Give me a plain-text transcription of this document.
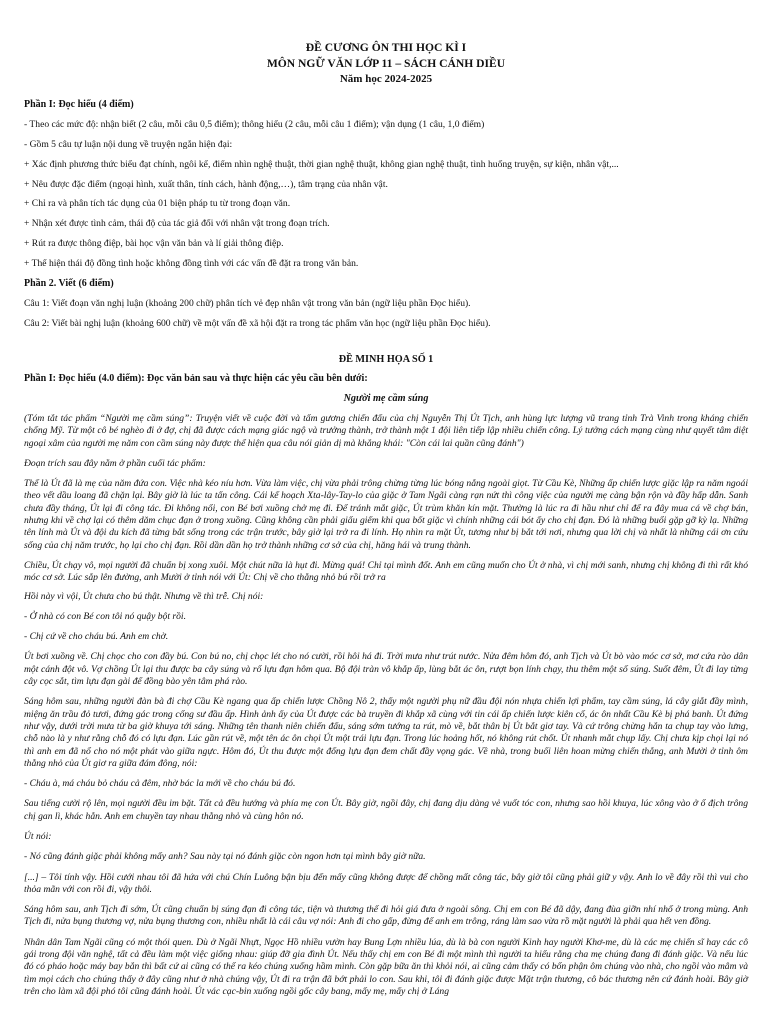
ĐỀ CƯƠNG ÔN THI HỌC KÌ I
MÔN NGỮ VĂN LỚP 11 – SÁCH CÁNH DIỀU
Năm học 2024-2025

Phần I: Đọc hiểu (4 điểm)

- Theo các mức độ: nhận biết (2 câu, mỗi câu 0,5 điểm); thông hiểu (2 câu, mỗi câu 1 điểm); vận dụng (1 câu, 1,0 điểm)

- Gồm 5 câu tự luận nội dung về truyện ngắn hiện đại:

+ Xác định phương thức biểu đạt chính, ngôi kể, điểm nhìn nghệ thuật, thời gian nghệ thuật, không gian nghệ thuật, tình huống truyện, sự kiện, nhân vật,...

+ Nêu được đặc điểm (ngoại hình, xuất thân, tính cách, hành động,…), tâm trạng của nhân vật.

+ Chỉ ra và phân tích tác dụng của 01 biện pháp tu từ trong đoạn văn.

+ Nhận xét được tình cảm, thái độ của tác giả đối với nhân vật trong đoạn trích.

+ Rút ra được thông điệp, bài học vận văn bản và lí giải thông điệp.

+ Thể hiện thái độ đồng tình hoặc không đồng tình với các vấn đề đặt ra trong văn bản.

Phần 2. Viết (6 điểm)

Câu 1: Viết đoạn văn nghị luận (khoảng 200 chữ) phân tích vẻ đẹp nhân vật trong văn bản (ngữ liệu phần Đọc hiểu).

Câu 2: Viết bài nghị luận (khoảng 600 chữ) về một vấn đề xã hội đặt ra trong tác phẩm văn học (ngữ liệu phần Đọc hiểu).

ĐỀ MINH HỌA SỐ 1

Phần I: Đọc hiểu (4.0 điểm): Đọc văn bản sau và thực hiện các yêu cầu bên dưới:

Người mẹ cầm súng

(Tóm tắt tác phẩm “Người mẹ cầm súng”: Truyện viết về cuộc đời và tấm gương chiến đấu của chị Nguyễn Thị Út Tịch, anh hùng lực lượng vũ trang tỉnh Trà Vinh trong kháng chiến chống Mỹ. Từ một cô bé nghèo đi ở đợ, chị đã được cách mạng giác ngộ và trưởng thành, trở thành một 1 đội liên tiếp lập nhiều chiến công. Lý tưởng cách mạng cùng như quyết tâm diệt ngoại xâm của người mẹ năm con cầm súng này được thể hiện qua câu nói giản dị mà khẳng khái: "Còn cái lai quần cũng đánh")

Đoạn trích sau đây nằm ở phần cuối tác phẩm:

Thế là Út đã là mẹ của năm đứa con. Việc nhà kéo níu hơn. Vừa làm việc, chị vừa phải trông chừng từng lúc bóng nắng ngoài giọt. Từ Cầu Kè, Những ấp chiến lược giặc lập ra năm ngoái theo vết dầu loang đã chặn lại. Bây giờ là lúc ta tấn công. Cái kế hoạch Xta-lây-Tay-lo của giặc ở Tam Ngãi càng rạn nứt thì công việc của người mẹ càng bận rộn và đầy hấp dẫn. Sanh chưa đầy tháng, Út lại đi công tác. Đi không nổi, con Bé bơi xuồng chở mẹ đi. Để tránh mắt giặc, Út trùm khăn kín mặt. Thường là lúc ra đi hầu như chỉ để ra đây mua cá về chợ bán, nhưng khi về chợ lại có thêm dăm chục đạn ở trong xuồng. Cũng không cần phải giấu giếm khi qua bốt giặc vì chính những cái bót ấy cho chị đạn. Đó là những buổi gặp gỡ kỳ lạ. Những tên lính mà Út và đội du kích đã từng bắt sống trong các trận trước, bây giờ lại trở ra đi lính. Họ nhìn ra mặt Út, tương như bị bắt tới nơi, nhưng qua lời chị và nhất là những cái ơn cứu sống của chị năm trước, họ lại cho chị đạn. Rồi dần dần họ trở thành những cơ sở của chị, hăng hái và trung thành.

Chiều, Út chạy vô, mọi người đã chuẩn bị xong xuôi. Một chút nữa là hụt đi. Mừng quá! Chỉ tại mình đốt. Anh em cũng muốn cho Út ở nhà, vì chị mới sanh, nhưng chị không đi thì rất khó móc cơ sở. Lúc sắp lên đường, anh Mười ở tỉnh nói với Út: Chị về cho thằng nhỏ bú rồi trở ra

Hồi này vì vội, Út chưa cho bú thật. Nhưng về thì trễ. Chị nói:

- Ở nhà có con Bé con tôi nó quậy bột rồi.

- Chị cứ về cho cháu bú. Anh em chờ.

Út bơi xuồng về. Chị chọc cho con đầy bú. Con bú no, chị chọc lét cho nó cười, rồi hôi há đi. Trời mưa như trút nước. Nửa đêm hôm đó, anh Tịch và Út bò vào móc cơ sở, mơ cứa rào dân một cánh đột vô. Vợ chồng Út lại thu được ba cây súng và rổ lựu đạn hôm qua. Bộ đội tràn vô khắp ấp, lùng bắt ác ôn, rượt bọn lính chạy, thu thêm một số súng. Suốt đêm, Út đi lay từng cây cọc sắt, tìm lựu đạn gài để đồng bào yên tâm phá rào.

Sáng hôm sau, những người đàn bà đi chợ Cầu Kè ngang qua ấp chiến lược Chồng Nô 2, thấy một người phụ nữ đầu đội nón nhựa chiến lợi phẩm, tay cầm súng, lá cây giắt đầy mình, miệng ăn trầu đỏ tươi, đứng gác trong cổng sư đầu ấp. Hình ảnh ấy của Út được các bà truyền đi khắp xã cùng với tin cái ấp chiến lược kiên cố, ác ôn nhất Cầu Kè bị phá banh. Út đứng như vậy, dưới trời mưa từ ba giờ khuya tới sáng. Những tên thanh niên chiến đấu, sáng sớm tướng ta rút, mò về, bắt thân bị Út bắt giơ tay. Và cứ trông chừng hắn ta chụp tay vào lưng, chỗ nào là y như rằng chỗ đó có lựu đạn. Lúc gần rút về, một tên ác ôn chọi Út một trái lựu đạn. Trong lúc hoảng hốt, nó không rút chốt. Út nhanh mắt chụp lấy. Chị chưa kịp chọi lại nó thì anh em đã nổ cho nó một phát vào giữa ngực. Hôm đó, Út thu được một đống lựu đạn đem chất đầy vọng gác. Về nhà, trong buổi liên hoan mừng chiến thắng, anh Mười ở tỉnh ôm thằng nhỏ của Út giơ ra giữa đám đông, nói:

- Cháu à, má cháu bỏ cháu cả đêm, nhờ bác la mới về cho cháu bú đó.

Sau tiếng cười rộ lên, mọi người đều im bặt. Tất cả đều hướng và phía mẹ con Út. Bây giờ, ngồi đây, chị đang dịu dàng vẻ vuốt tóc con, nhưng sao hồi khuya, lúc xông vào ở ổ địch trông chị gan lì, khác hẳn. Anh em chuyền tay nhau thằng nhỏ và cùng hôn nó.

Út nói:

- Nó cũng đánh giặc phải không mấy anh? Sau này tại nó đánh giặc còn ngon hơn tại mình bây giờ nữa.

[...] – Tôi tính vậy. Hồi cưới nhau tôi đã hứa với chú Chín Luông bận bịu đến mấy cũng không được để chồng mất công tác, bây giờ tôi cũng phải giữ y vậy. Anh lo về đây rồi thì vui cho thỏa mãn với con rồi đi, vậy thôi.

Sáng hôm sau, anh Tịch đi sớm, Út cũng chuẩn bị súng đạn đi công tác, tiện và thương thế đi hỏi giá đưa ở ngoài sông. Chị em con Bé đã dậy, đang đùa giỡn nhí nhố ở trong mùng. Anh Tịch đi, nửa bụng thương vợ, nửa bụng thương con, nhiều nhất là cái câu vợ nói: Anh đi cho gấp, đừng để anh em trông, ráng làm sao vừa rồ mặt người là phải qua hết ven đồng.

Nhân dân Tam Ngãi cũng có một thói quen. Dù ở Ngãi Nhựt, Ngọc Hồ nhiều vườn hay Bung Lợn nhiều lúa, dù là bà con người Kinh hay người Khơ-me, dù là các mẹ chiến sĩ hay các cô gái trong đội văn nghệ, tất cả đều làm một việc giống nhau: giúp đỡ gia đình Út. Nếu thấy chị em con Bé đi một mình thì người ta hiểu rằng cha mẹ chúng đang đi đánh giặc. Và nếu lúc đó có pháo hoặc máy bay bắn thì bất cứ ai cũng có thể ra kéo chúng xuống hầm mình. Còn gặp bữa ăn thì khỏi nói, ai cũng cảm thấy có bổn phận ôm chúng vào nhà, cho ngồi vào mâm và tìm mọi cách cho chúng thấy ở đây cũng như ở nhà chúng vậy, Út đi ra trận đã bớt phải lo con. Sau khi, tôi đi đánh giặc được Mặt trận thương, cô bác thương nên cứ đánh hoài. Bây giờ trên cho làm xã đội phó tôi cũng đánh hoài. Út vác cạc-bin xuống ngồi gốc cây bang, mấy mẹ, mấy chị ở Láng
